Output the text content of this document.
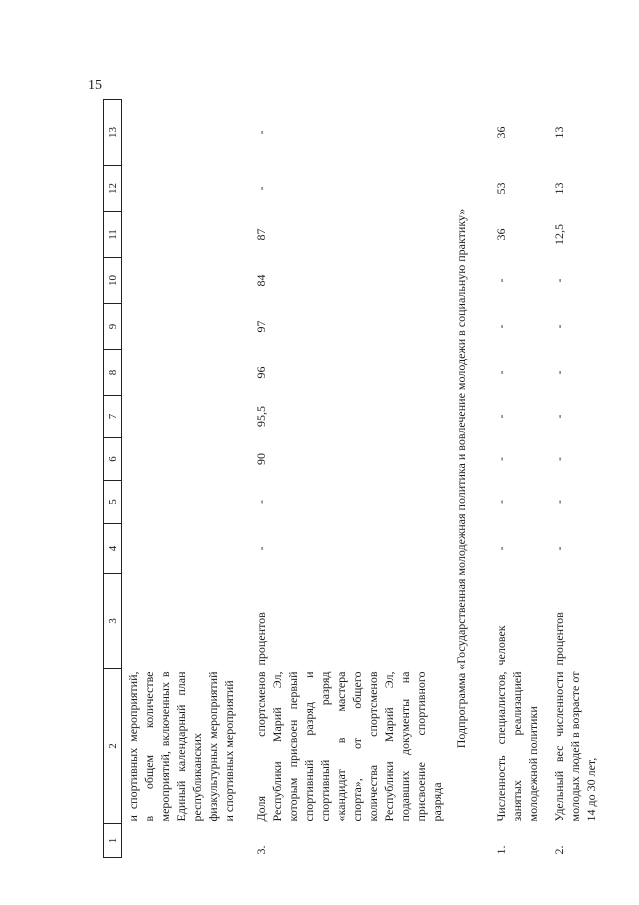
15
1	2	3	4	5	6	7	8	9	10	11	12	13
	и спортивных мероприятий, в общем количестве мероприятий, включенных в Единый календарный план республиканских физкультурных мероприятий и спортивных мероприятий											
3.	Доля спортсменов Республики Марий Эл, которым присвоен первый спортивный разряд и спортивный разряд «кандидат в мастера спорта», от общего количества спортсменов Республики Марий Эл, подавших документы на присвоение спортивного разряда	процентов	-	-	90	95,5	96	97	84	87	-	-
Подпрограмма «Государственная молодежная политика и вовлечение молодежи в социальную практику»												
1.	Численность специалистов, занятых реализацией молодежной политики	человек	-	-	-	-	-	-	-	36	53	36
2.	Удельный вес численности молодых людей в возрасте от 14 до 30 лет,	процентов	-	-	-	-	-	-	-	12,5	13	13
